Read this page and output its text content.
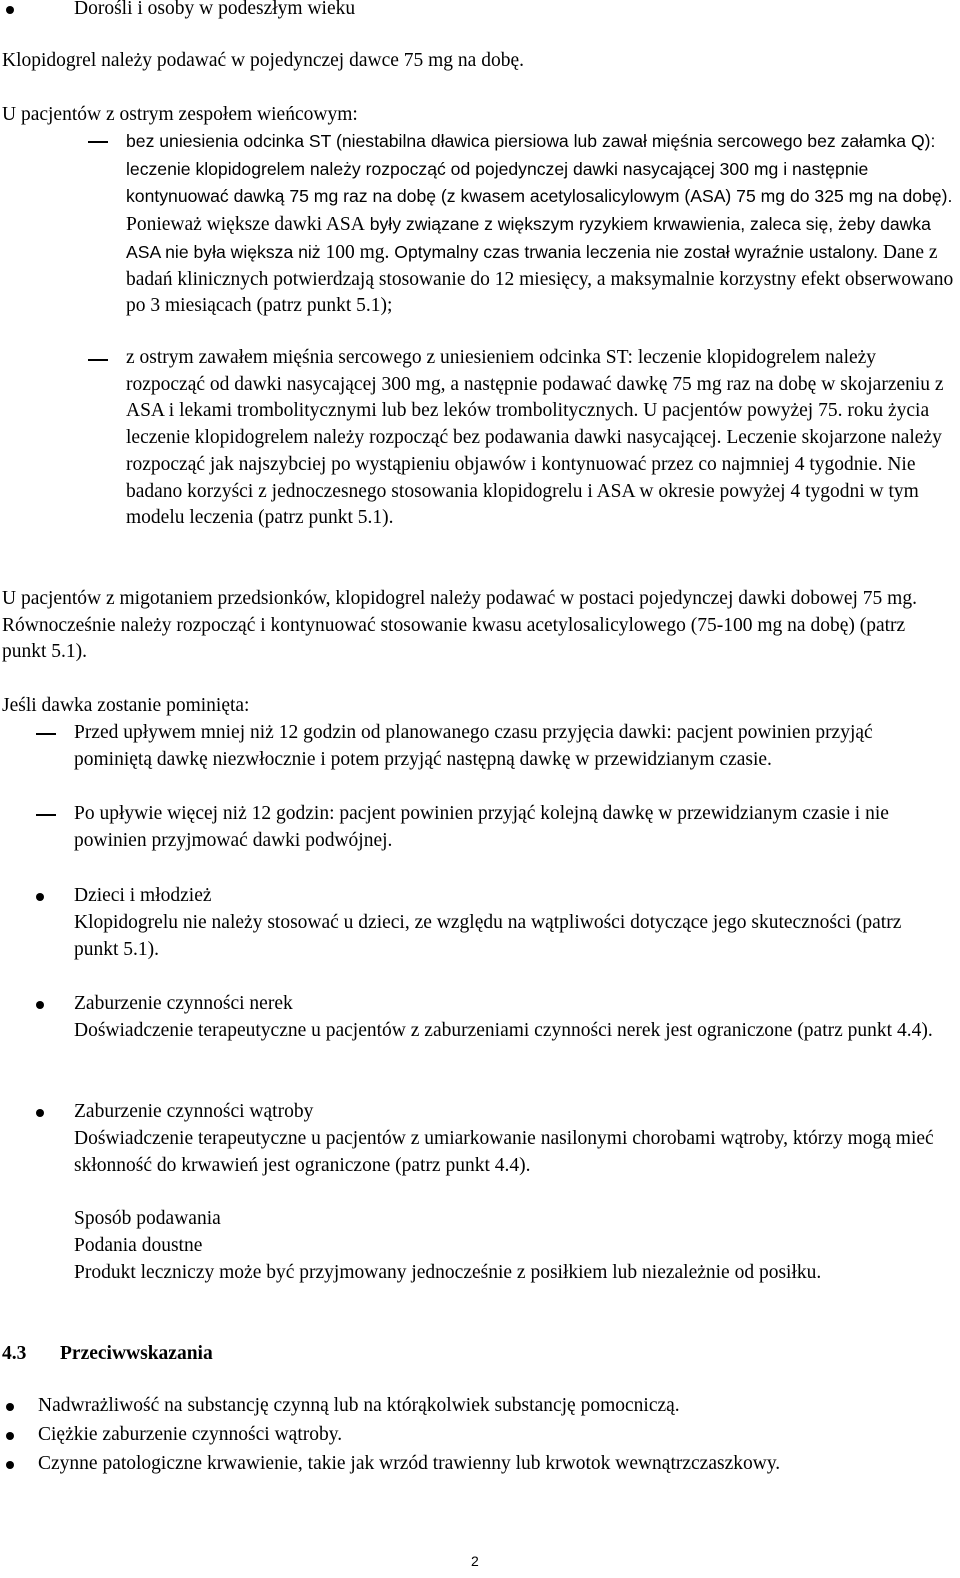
Dorośli i osoby w podeszłym wieku

Klopidogrel należy podawać w pojedynczej dawce 75 mg na dobę.

U pacjentów z ostrym zespołem wieńcowym:

bez uniesienia odcinka ST (niestabilna dławica piersiowa lub zawał mięśnia sercowego bez załamka Q): leczenie klopidogrelem należy rozpocząć od pojedynczej dawki nasycającej 300 mg i następnie kontynuować dawką 75 mg raz na dobę (z kwasem acetylosalicylowym (ASA) 75 mg do 325 mg na dobę). Ponieważ większe dawki ASA były związane z większym ryzykiem krwawienia, zaleca się, żeby dawka ASA nie była większa niż 100 mg. Optymalny czas trwania leczenia nie został wyraźnie ustalony. Dane z badań klinicznych potwierdzają stosowanie do 12 miesięcy, a maksymalnie korzystny efekt obserwowano po 3 miesiącach (patrz punkt 5.1);

z ostrym zawałem mięśnia sercowego z uniesieniem odcinka ST: leczenie klopidogrelem należy rozpocząć od dawki nasycającej 300 mg, a następnie podawać dawkę 75 mg raz na dobę w skojarzeniu z ASA i lekami trombolitycznymi lub bez leków trombolitycznych. U pacjentów powyżej 75. roku życia leczenie klopidogrelem należy rozpocząć bez podawania dawki nasycającej. Leczenie skojarzone należy rozpocząć jak najszybciej po wystąpieniu objawów i kontynuować przez co najmniej 4 tygodnie. Nie badano korzyści z jednoczesnego stosowania klopidogrelu i ASA w okresie powyżej 4 tygodni w tym modelu leczenia (patrz punkt 5.1).

U pacjentów z migotaniem przedsionków, klopidogrel należy podawać w postaci pojedynczej dawki dobowej 75 mg. Równocześnie należy rozpocząć i kontynuować stosowanie kwasu acetylosalicylowego (75-100 mg na dobę) (patrz punkt 5.1).

Jeśli dawka zostanie pominięta:

Przed upływem mniej niż 12 godzin od planowanego czasu przyjęcia dawki: pacjent powinien przyjąć pominiętą dawkę niezwłocznie i potem przyjąć następną dawkę w przewidzianym czasie.

Po upływie więcej niż 12 godzin: pacjent powinien przyjąć kolejną dawkę w przewidzianym czasie i nie powinien przyjmować dawki podwójnej.

Dzieci i młodzież

Klopidogrelu nie należy stosować u dzieci, ze względu na wątpliwości dotyczące jego skuteczności (patrz punkt 5.1).

Zaburzenie czynności nerek

Doświadczenie terapeutyczne u pacjentów z zaburzeniami czynności nerek jest ograniczone (patrz punkt 4.4).

Zaburzenie czynności wątroby

Doświadczenie terapeutyczne u pacjentów z umiarkowanie nasilonymi chorobami wątroby, którzy mogą mieć skłonność do krwawień jest ograniczone (patrz punkt 4.4).

Sposób podawania

Podania doustne

Produkt leczniczy może być przyjmowany jednocześnie z posiłkiem lub niezależnie od posiłku.

4.3 Przeciwwskazania

Nadwrażliwość na substancję czynną lub na którąkolwiek substancję pomocniczą.

Ciężkie zaburzenie czynności wątroby.

Czynne patologiczne krwawienie, takie jak wrzód trawienny lub krwotok wewnątrzczaszkowy.

2
